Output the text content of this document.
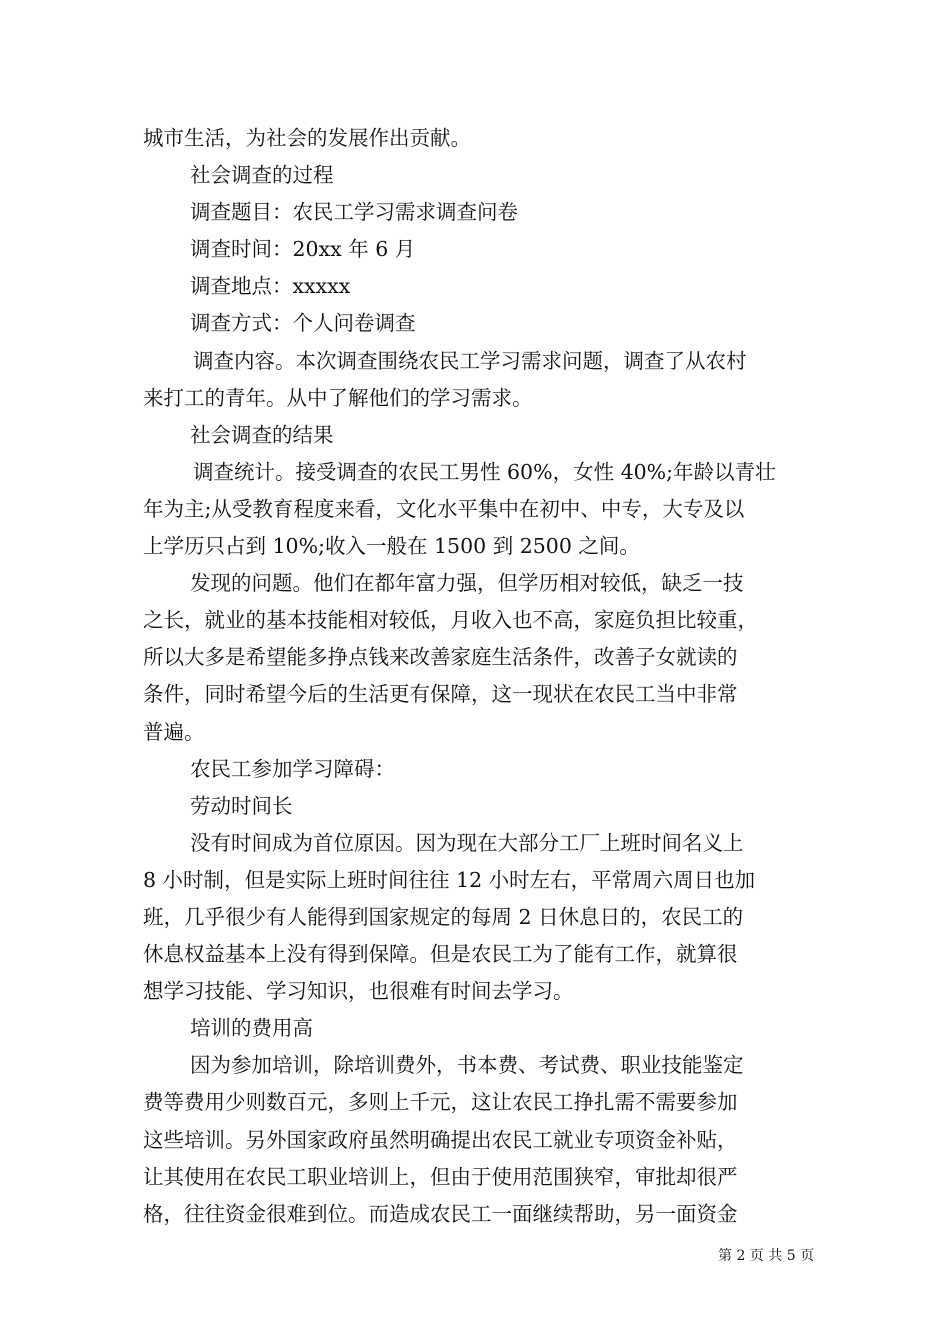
城市生活，为社会的发展作出贡献。
社会调查的过程
调查题目：农民工学习需求调查问卷
调查时间：20xx 年 6 月
调查地点：xxxxx
调查方式：个人问卷调查
调查内容。本次调查围绕农民工学习需求问题，调查了从农村
来打工的青年。从中了解他们的学习需求。
社会调查的结果
调查统计。接受调查的农民工男性 60%，女性 40%;年龄以青壮
年为主;从受教育程度来看，文化水平集中在初中、中专，大专及以
上学历只占到 10%;收入一般在 1500 到 2500 之间。
发现的问题。他们在都年富力强，但学历相对较低，缺乏一技
之长，就业的基本技能相对较低，月收入也不高，家庭负担比较重，
所以大多是希望能多挣点钱来改善家庭生活条件，改善子女就读的
条件，同时希望今后的生活更有保障，这一现状在农民工当中非常
普遍。
农民工参加学习障碍：
劳动时间长
没有时间成为首位原因。因为现在大部分工厂上班时间名义上
8 小时制，但是实际上班时间往往 12 小时左右，平常周六周日也加
班，几乎很少有人能得到国家规定的每周 2 日休息日的，农民工的
休息权益基本上没有得到保障。但是农民工为了能有工作，就算很
想学习技能、学习知识，也很难有时间去学习。
培训的费用高
因为参加培训，除培训费外，书本费、考试费、职业技能鉴定
费等费用少则数百元，多则上千元，这让农民工挣扎需不需要参加
这些培训。另外国家政府虽然明确提出农民工就业专项资金补贴，
让其使用在农民工职业培训上，但由于使用范围狭窄，审批却很严
格，往往资金很难到位。而造成农民工一面继续帮助，另一面资金
第 2 页 共 5 页
